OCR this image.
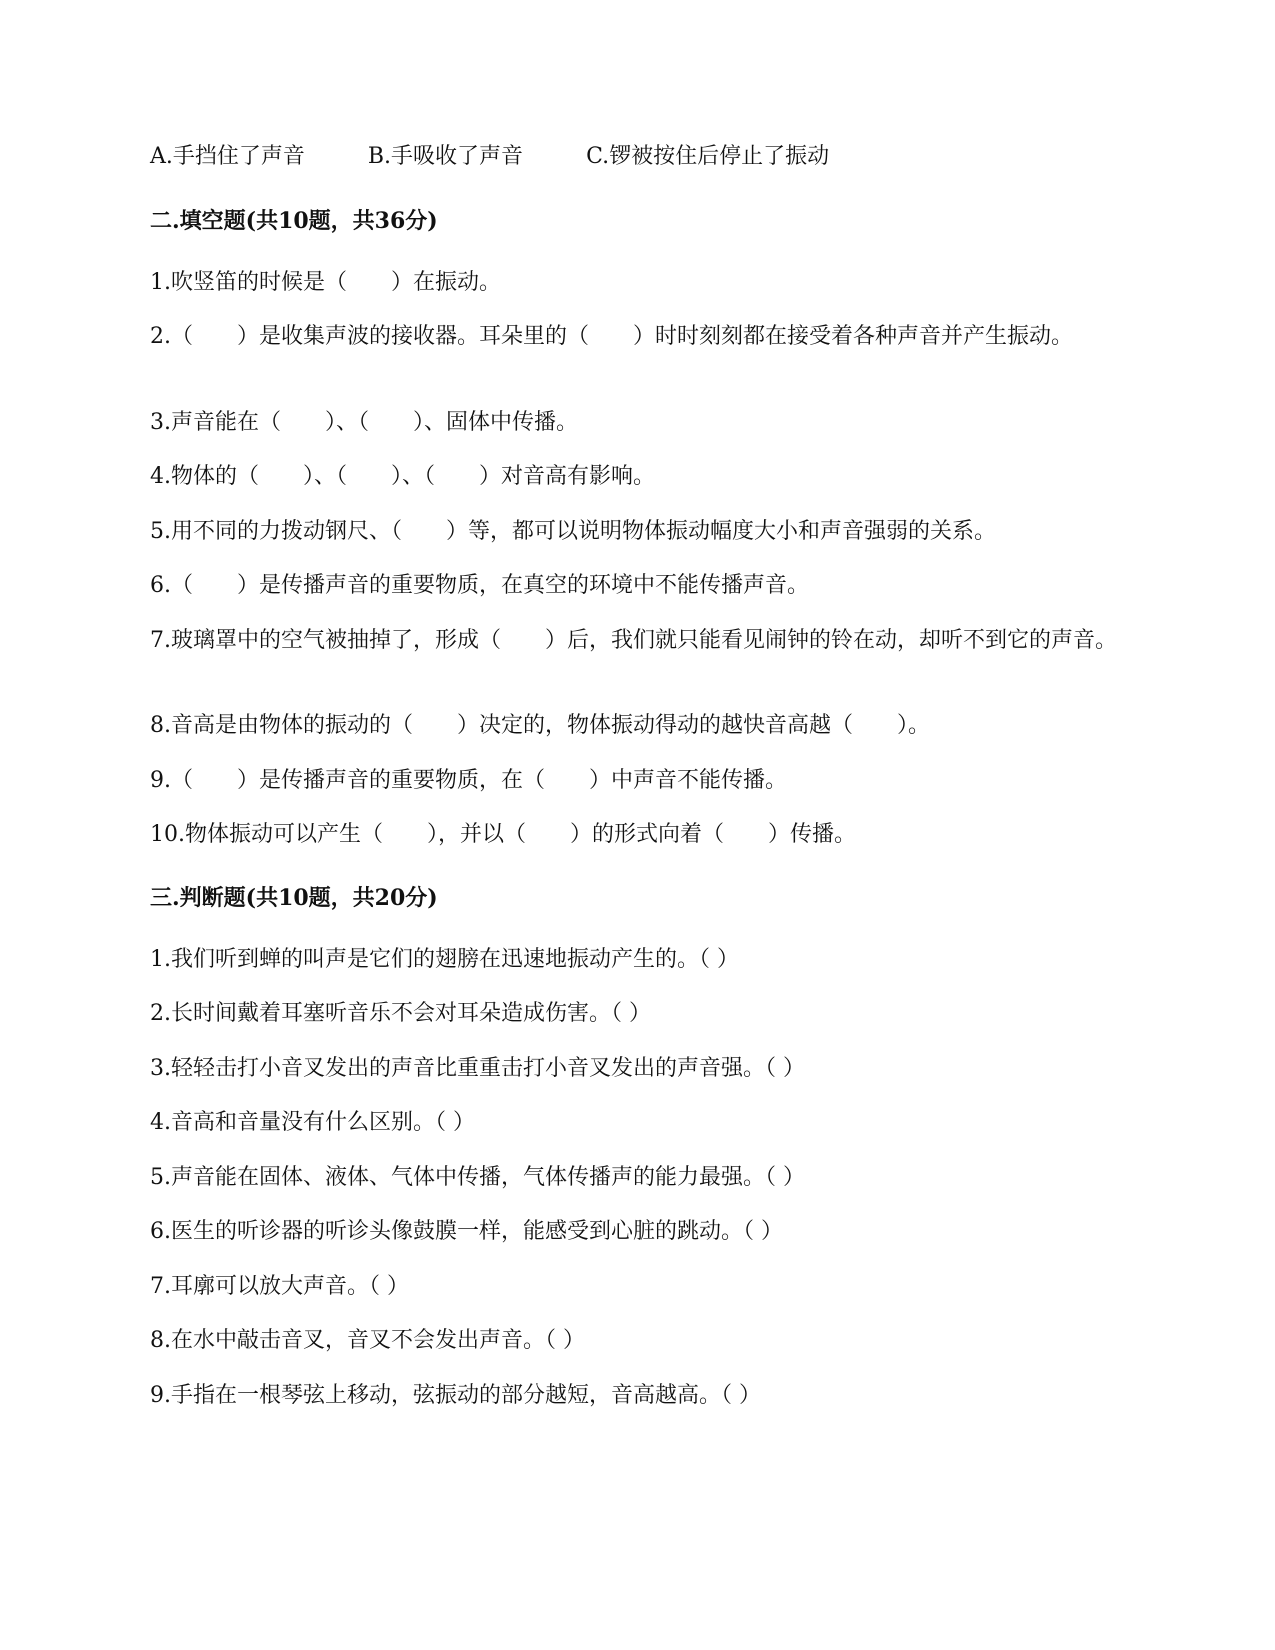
A.手挡住了声音	B.手吸收了声音	C.锣被按住后停止了振动
二.填空题(共10题，共36分)
1.吹竖笛的时候是（　　）在振动。
2.（　　）是收集声波的接收器。耳朵里的（　　）时时刻刻都在接受着各种声音并产生振动。
3.声音能在（　　）、（　　）、固体中传播。
4.物体的（　　）、（　　）、（　　）对音高有影响。
5.用不同的力拨动钢尺、（　　）等，都可以说明物体振动幅度大小和声音强弱的关系。
6.（　　）是传播声音的重要物质，在真空的环境中不能传播声音。
7.玻璃罩中的空气被抽掉了，形成（　　）后，我们就只能看见闹钟的铃在动，却听不到它的声音。
8.音高是由物体的振动的（　　）决定的，物体振动得动的越快音高越（　　）。
9.（　　）是传播声音的重要物质，在（　　）中声音不能传播。
10.物体振动可以产生（　　），并以（　　）的形式向着（　　）传播。
三.判断题(共10题，共20分)
1.我们听到蝉的叫声是它们的翅膀在迅速地振动产生的。（ ）
2.长时间戴着耳塞听音乐不会对耳朵造成伤害。（ ）
3.轻轻击打小音叉发出的声音比重重击打小音叉发出的声音强。（ ）
4.音高和音量没有什么区别。（ ）
5.声音能在固体、液体、气体中传播，气体传播声的能力最强。（ ）
6.医生的听诊器的听诊头像鼓膜一样，能感受到心脏的跳动。（ ）
7.耳廓可以放大声音。（ ）
8.在水中敲击音叉，音叉不会发出声音。（ ）
9.手指在一根琴弦上移动，弦振动的部分越短，音高越高。（ ）
